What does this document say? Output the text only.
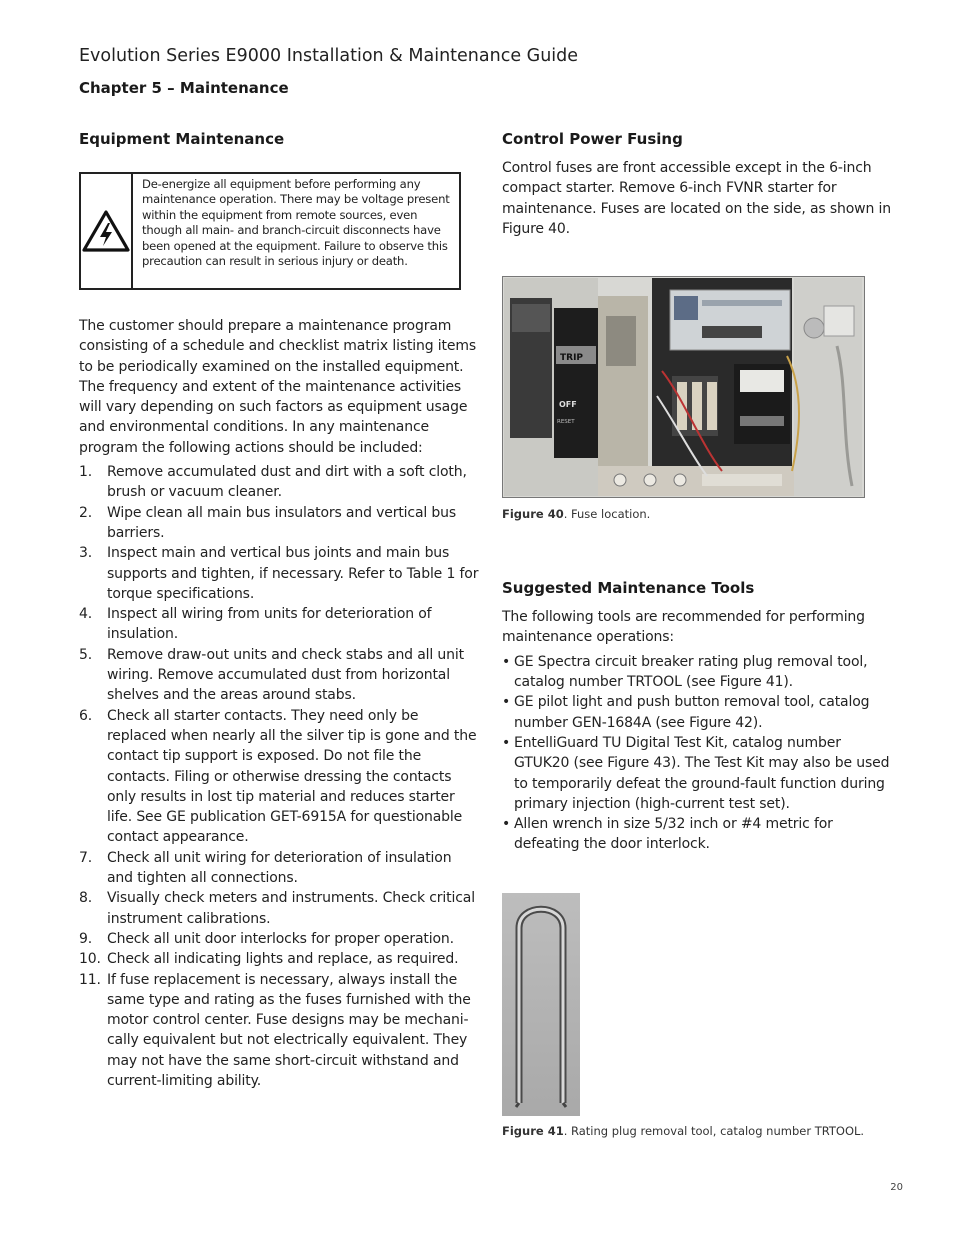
Evolution Series E9000 Installation & Maintenance Guide
Chapter 5 – Maintenance
Equipment Maintenance
De-energize all equipment before performing any maintenance operation. There may be voltage present within the equipment from remote sources, even though all main- and branch-circuit disconnects have been opened at the equipment. Failure to observe this precaution can result in serious injury or death.

The customer should prepare a maintenance program consisting of a schedule and checklist matrix listing items to be periodically examined on the installed equipment. The frequency and extent of the maintenance activities will vary depending on such factors as equipment usage and environmental conditions. In any maintenance program the following actions should be included:

1.	Remove accumulated dust and dirt with a soft cloth, brush or vacuum cleaner.
2.	Wipe clean all main bus insulators and vertical bus barriers.
3.	Inspect main and vertical bus joints and main bus supports and tighten, if necessary. Refer to Table 1 for torque specifications.
4.	Inspect all wiring from units for deterioration of insulation.
5.	Remove draw-out units and check stabs and all unit wiring. Remove accumulated dust from horizontal shelves and the areas around stabs.
6.	Check all starter contacts. They need only be replaced when nearly all the silver tip is gone and the contact tip support is exposed. Do not file the contacts. Filing or otherwise dressing the contacts only results in lost tip material and reduces starter life. See GE publication GET-6915A for questionable contact appearance.
7.	Check all unit wiring for deterioration of insulation and tighten all connections.
8.	Visually check meters and instruments. Check critical instrument calibrations.
9.	Check all unit door interlocks for proper operation.
10. Check all indicating lights and replace, as required.
11. If fuse replacement is necessary, always install the same type and rating as the fuses furnished with the motor control center. Fuse designs may be mechani-cally equivalent but not electrically equivalent. They may not have the same short-circuit withstand and current-limiting ability.
Control Power Fusing

Control fuses are front accessible except in the 6-inch compact starter. Remove 6-inch FVNR starter for maintenance. Fuses are located on the side, as shown in Figure 40.

TRIP
OFF
RESET
Figure 40. Fuse location.
Suggested Maintenance Tools

The following tools are recommended for performing maintenance operations:

• GE Spectra circuit breaker rating plug removal tool, catalog number TRTOOL (see Figure 41).
• GE pilot light and push button removal tool, catalog number GEN-1684A (see Figure 42).
• EntelliGuard TU Digital Test Kit, catalog number GTUK20 (see Figure 43). The Test Kit may also be used to temporarily defeat the ground-fault function during primary injection (high-current test set).
• Allen wrench in size 5/32 inch or #4 metric for defeating the door interlock.
Figure 41. Rating plug removal tool, catalog number TRTOOL.
20
